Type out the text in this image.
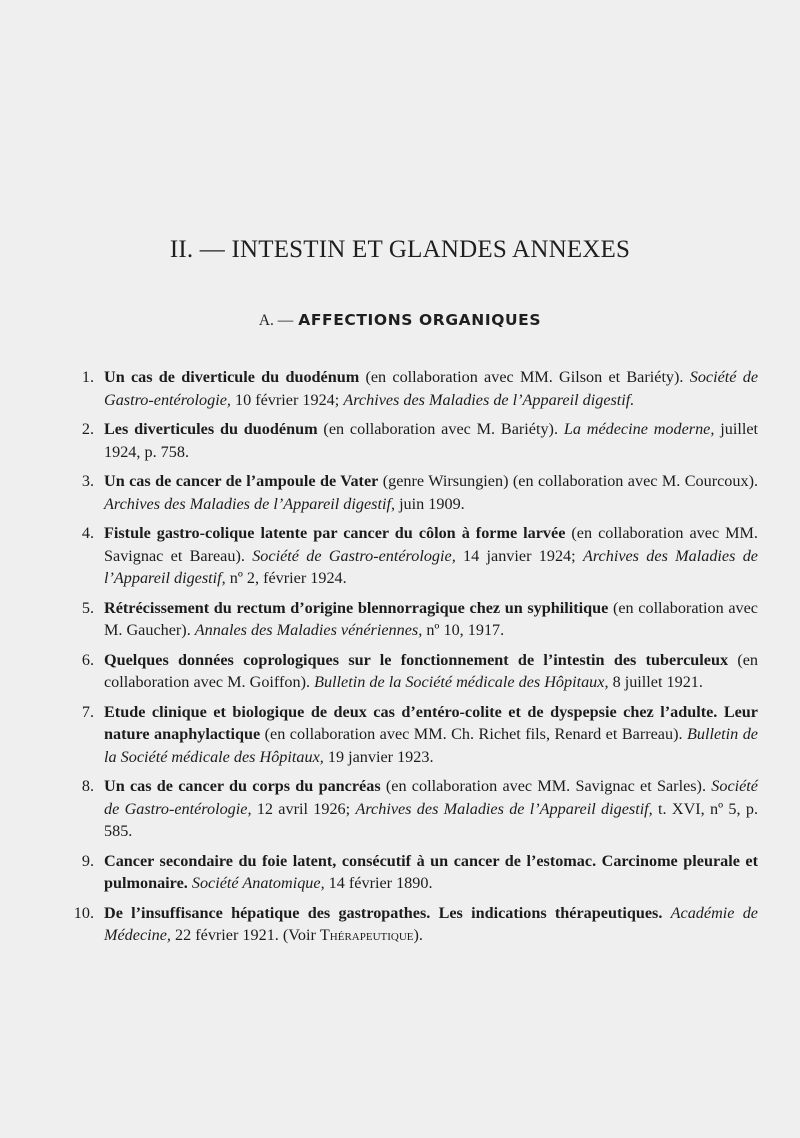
II. — INTESTIN ET GLANDES ANNEXES
A. — AFFECTIONS ORGANIQUES
1. Un cas de diverticule du duodénum (en collaboration avec MM. Gilson et Bariéty). Société de Gastro-entérologie, 10 février 1924; Archives des Maladies de l’Appareil digestif.
2. Les diverticules du duodénum (en collaboration avec M. Bariéty). La médecine moderne, juillet 1924, p. 758.
3. Un cas de cancer de l’ampoule de Vater (genre Wirsungien) (en collaboration avec M. Courcoux). Archives des Maladies de l’Appareil digestif, juin 1909.
4. Fistule gastro-colique latente par cancer du côlon à forme larvée (en collaboration avec MM. Savignac et Bareau). Société de Gastro-entérologie, 14 janvier 1924; Archives des Maladies de l’Appareil digestif, nº 2, février 1924.
5. Rétrécissement du rectum d’origine blennorragique chez un syphilitique (en collaboration avec M. Gaucher). Annales des Maladies vénériennes, nº 10, 1917.
6. Quelques données coprologiques sur le fonctionnement de l’intestin des tuberculeux (en collaboration avec M. Goiffon). Bulletin de la Société médicale des Hôpitaux, 8 juillet 1921.
7. Etude clinique et biologique de deux cas d’entéro-colite et de dyspepsie chez l’adulte. Leur nature anaphylactique (en collaboration avec MM. Ch. Richet fils, Renard et Barreau). Bulletin de la Société médicale des Hôpitaux, 19 janvier 1923.
8. Un cas de cancer du corps du pancréas (en collaboration avec MM. Savignac et Sarles). Société de Gastro-entérologie, 12 avril 1926; Archives des Maladies de l’Appareil digestif, t. XVI, nº 5, p. 585.
9. Cancer secondaire du foie latent, consécutif à un cancer de l’estomac. Carcinome pleurale et pulmonaire. Société Anatomique, 14 février 1890.
10. De l’insuffisance hépatique des gastropathes. Les indications thérapeutiques. Académie de Médecine, 22 février 1921. (Voir Thérapeutique).
